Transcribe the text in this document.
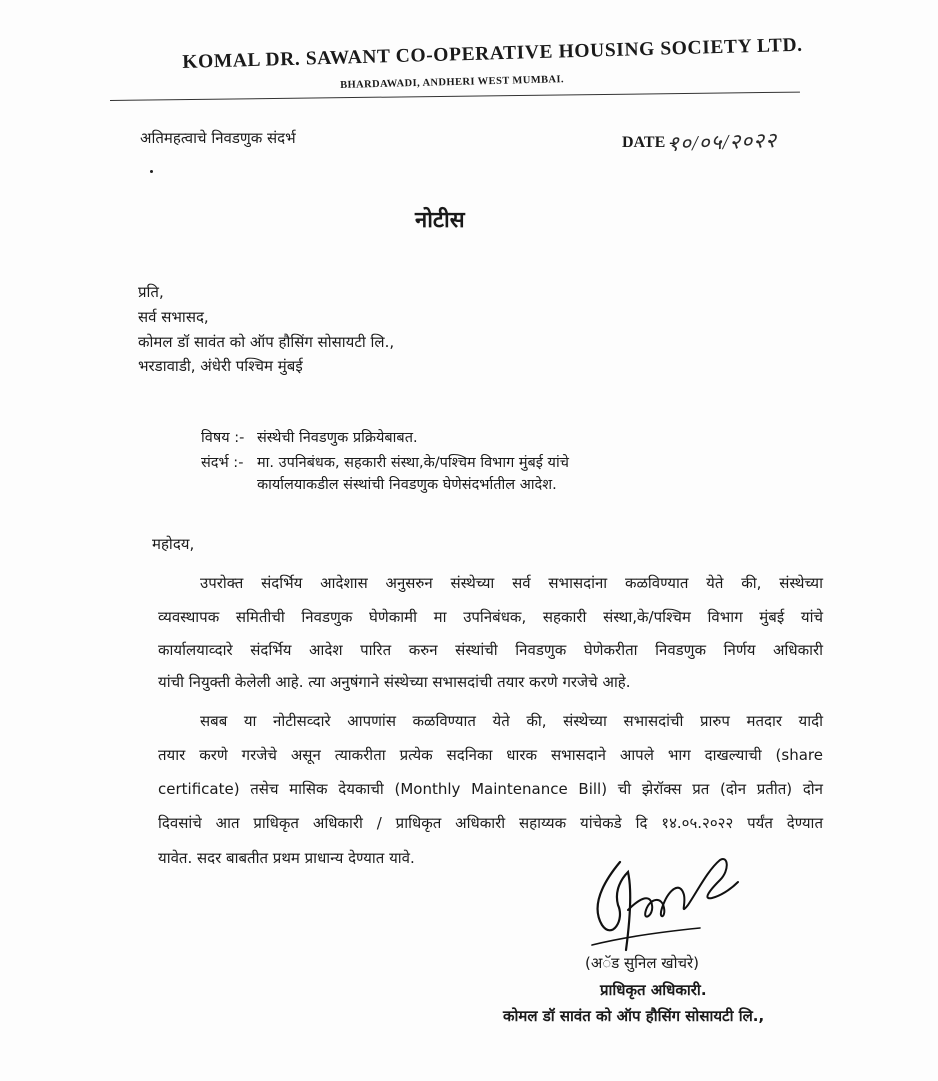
KOMAL DR. SAWANT CO-OPERATIVE HOUSING SOCIETY LTD.
BHARDAWADI, ANDHERI WEST MUMBAI.
अतिमहत्वाचे निवडणुक संदर्भ	DATE -
१०/०५/२०२२
नोटीस
प्रति,
सर्व सभासद,
कोमल डॉ सावंत को ऑप हौसिंग सोसायटी लि.,
भरडावाडी, अंधेरी पश्चिम मुंबई
विषय :- संस्थेची निवडणुक प्रक्रियेबाबत.
संदर्भ :- मा. उपनिबंधक, सहकारी संस्था,के/पश्चिम विभाग मुंबई यांचे
कार्यालयाकडील संस्थांची निवडणुक घेणेसंदर्भातील आदेश.
महोदय,
उपरोक्त संदर्भिय आदेशास अनुसरुन संस्थेच्या सर्व सभासदांना कळविण्यात येते की, संस्थेच्या
व्यवस्थापक समितीची निवडणुक घेणेकामी मा उपनिबंधक, सहकारी संस्था,के/पश्चिम विभाग मुंबई यांचे
कार्यालयाव्दारे संदर्भिय आदेश पारित करुन संस्थांची निवडणुक घेणेकरीता निवडणुक निर्णय अधिकारी
यांची नियुक्ती केलेली आहे. त्या अनुषंगाने संस्थेच्या सभासदांची तयार करणे गरजेचे आहे.
सबब या नोटीसव्दारे आपणांस कळविण्यात येते की, संस्थेच्या सभासदांची प्रारुप मतदार यादी
तयार करणे गरजेचे असून त्याकरीता प्रत्येक सदनिका धारक सभासदाने आपले भाग दाखल्याची (share
certificate) तसेच मासिक देयकाची (Monthly Maintenance Bill) ची झेरॉक्स प्रत (दोन प्रतीत) दोन
दिवसांचे आत प्राधिकृत अधिकारी / प्राधिकृत अधिकारी सहाय्यक यांचेकडे दि १४.०५.२०२२ पर्यंत देण्यात
यावेत. सदर बाबतीत प्रथम प्राधान्य देण्यात यावे.
(अॅड सुनिल खोचरे)
प्राधिकृत अधिकारी.
कोमल डॉ सावंत को ऑप हौसिंग सोसायटी लि.,
